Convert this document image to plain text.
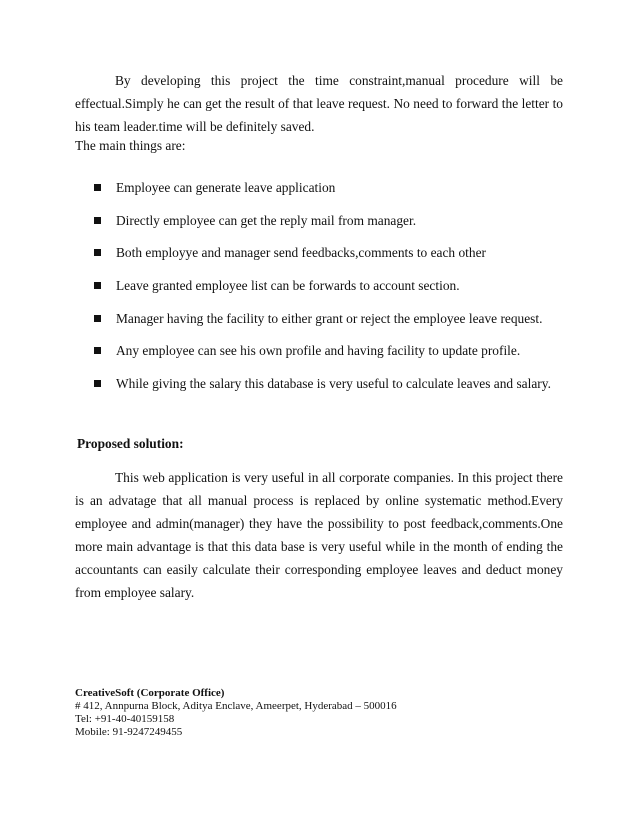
By developing this project the time constraint,manual procedure will be effectual.Simply he can get the result of that leave request. No need to forward the letter to his team leader.time will be definitely saved.

The main things are:

Employee can generate leave application
Directly employee can get the reply mail from manager.
Both employye and manager send feedbacks,comments to each other
Leave granted employee list can be forwards to account section.
Manager having the facility to either grant or reject the employee leave request.
Any employee can see his own profile and having facility to update profile.
While giving the salary this database is very useful to calculate leaves and salary.

Proposed solution:

This web application is very useful in all corporate companies. In this project there is an advatage that all manual process is replaced by online systematic method.Every employee and admin(manager) they have the possibility to post feedback,comments.One more main advantage is that this data base is very useful while in the month of ending the accountants can easily calculate their corresponding employee leaves and deduct money from employee salary.

CreativeSoft (Corporate Office)
# 412, Annpurna Block, Aditya Enclave, Ameerpet, Hyderabad – 500016
Tel: +91-40-40159158
Mobile: 91-9247249455
